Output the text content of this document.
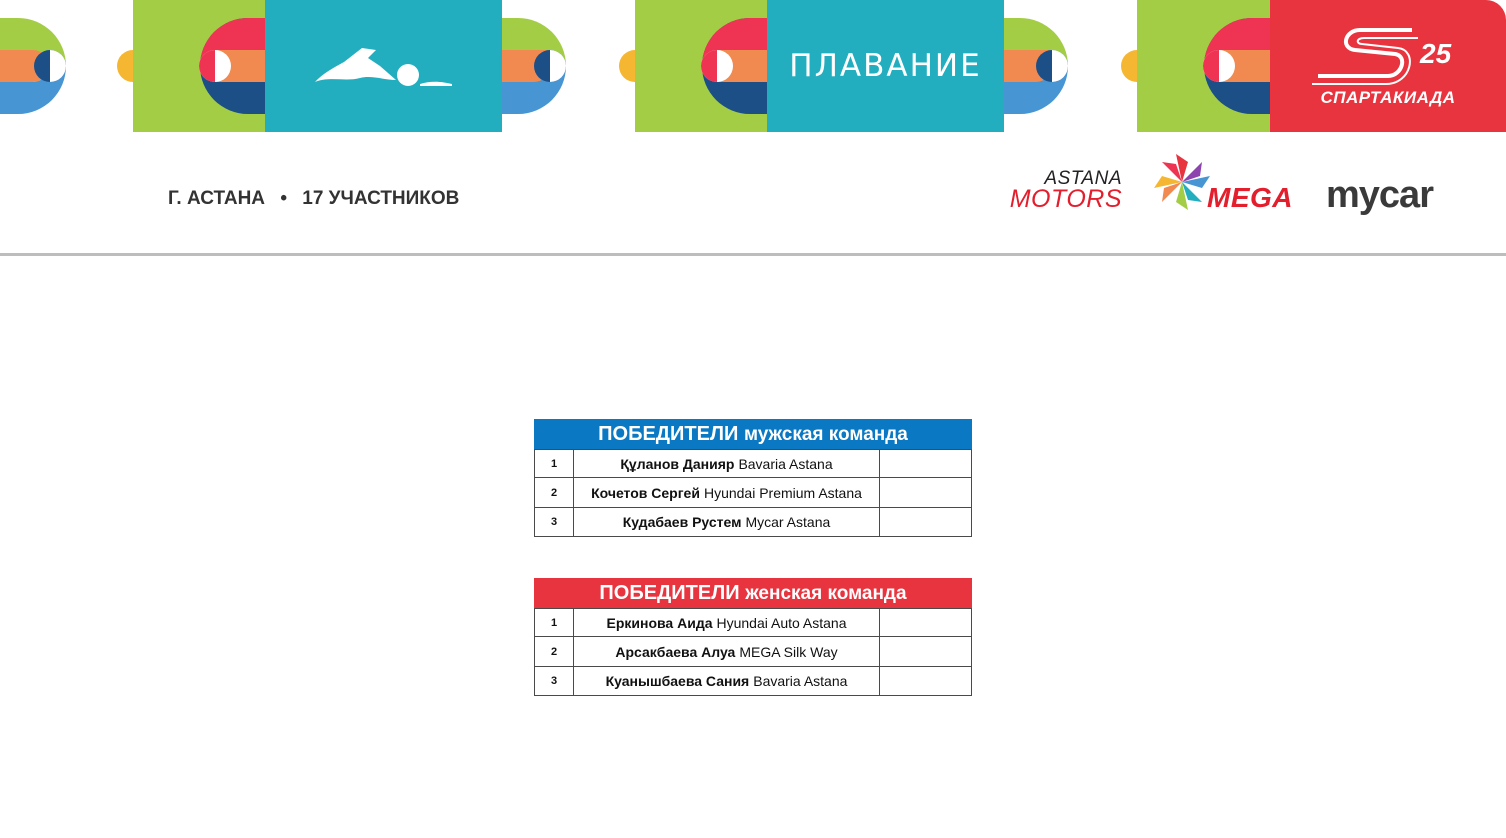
ПЛАВАНИЕ	25
СПАРТАКИАДА
Г. АСТАНА • 17 УЧАСТНИКОВ
ASTANA
MOTORS	MEGA mycar
ПОБЕДИТЕЛИ мужская команда
1	Құланов Данияр Bavaria Astana
2	Кочетов Сергей Hyundai Premium Astana
3	Кудабаев Рустем Mycar Astana
ПОБЕДИТЕЛИ женская команда
1	Еркинова Аида Hyundai Auto Astana
2	Арсакбаева Алуа MEGA Silk Way
3	Куанышбаева Сания Bavaria Astana
